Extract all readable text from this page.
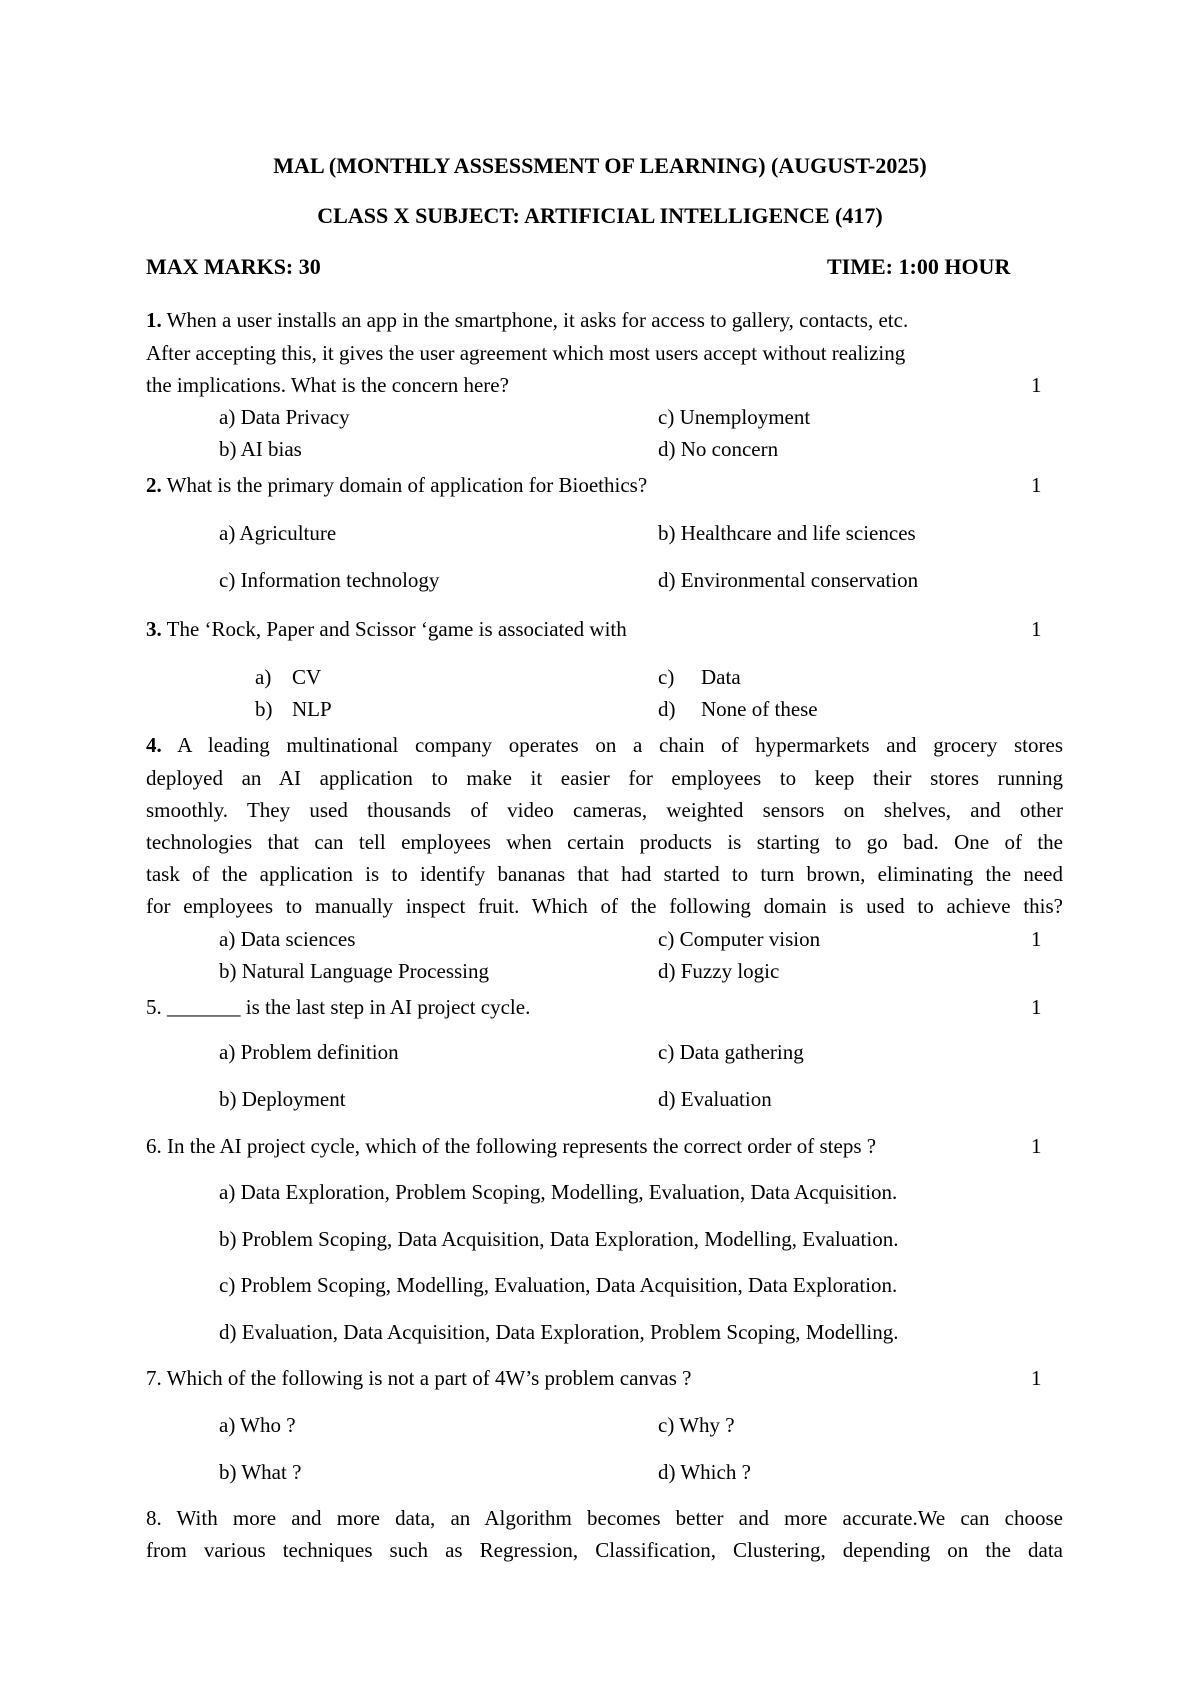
MAL (MONTHLY ASSESSMENT OF LEARNING) (AUGUST-2025)
CLASS X SUBJECT: ARTIFICIAL INTELLIGENCE (417)
MAX MARKS: 30	TIME: 1:00 HOUR
1. When a user installs an app in the smartphone, it asks for access to gallery, contacts, etc.
After accepting this, it gives the user agreement which most users accept without realizing
the implications. What is the concern here?	1
a) Data Privacy	c) Unemployment
b) AI bias	d) No concern
2. What is the primary domain of application for Bioethics?	1
a) Agriculture	b) Healthcare and life sciences
c) Information technology	d) Environmental conservation
3. The ‘Rock, Paper and Scissor ‘game is associated with	1
a) CV	c) Data
b) NLP	d) None of these
4. A leading multinational company operates on a chain of hypermarkets and grocery stores
deployed an AI application to make it easier for employees to keep their stores running
smoothly. They used thousands of video cameras, weighted sensors on shelves, and other
technologies that can tell employees when certain products is starting to go bad. One of the
task of the application is to identify bananas that had started to turn brown, eliminating the need
for employees to manually inspect fruit. Which of the following domain is used to achieve this?
a) Data sciences	c) Computer vision	1
b) Natural Language Processing	d) Fuzzy logic
5. _______ is the last step in AI project cycle.	1
a) Problem definition	c) Data gathering
b) Deployment	d) Evaluation
6. In the AI project cycle, which of the following represents the correct order of steps ?	1
a) Data Exploration, Problem Scoping, Modelling, Evaluation, Data Acquisition.
b) Problem Scoping, Data Acquisition, Data Exploration, Modelling, Evaluation.
c) Problem Scoping, Modelling, Evaluation, Data Acquisition, Data Exploration.
d) Evaluation, Data Acquisition, Data Exploration, Problem Scoping, Modelling.
7. Which of the following is not a part of 4W’s problem canvas ?	1
a) Who ?	c) Why ?
b) What ?	d) Which ?
8. With more and more data, an Algorithm becomes better and more accurate.We can choose
from various techniques such as Regression, Classification, Clustering, depending on the data
